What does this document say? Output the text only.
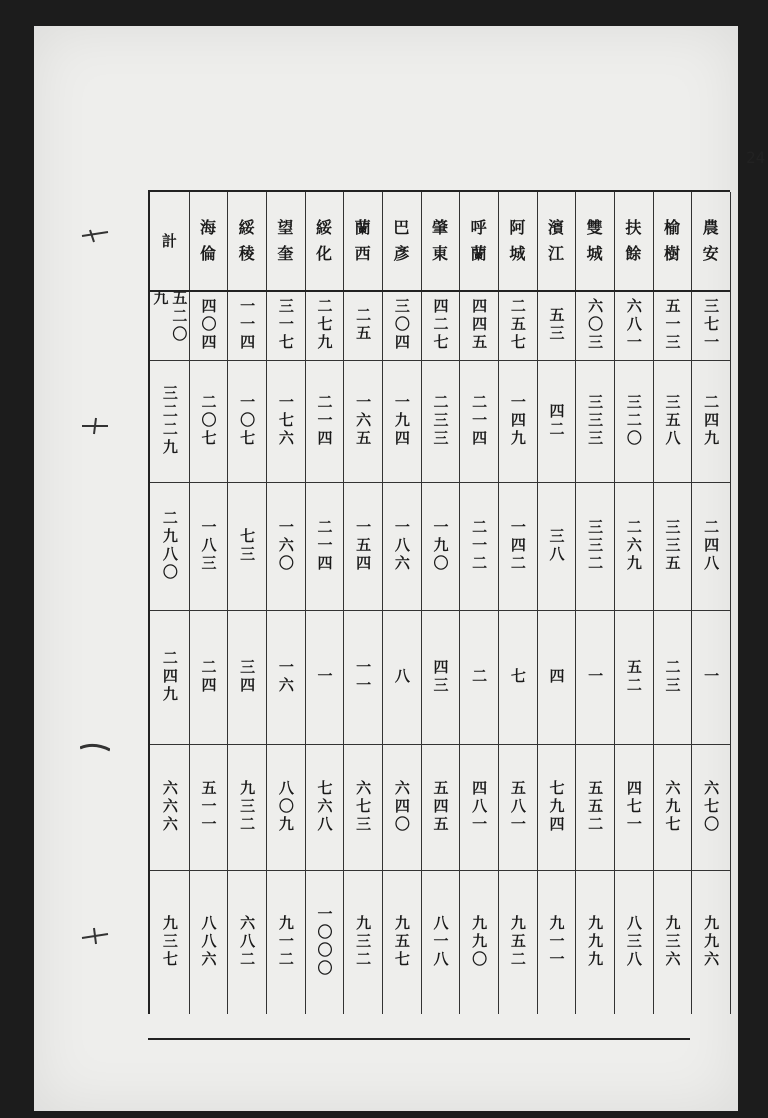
24
計
五二〇九
三二二九
二九八〇
二四九
六六六
九三七
海
倫
四〇四
二〇七
一八三
二四
五一一
八八六
綏
稜
一一四
一〇七
七三
三四
九三二
六八二
望
奎
三一七
一七六
一六〇
一六
八〇九
九一二
綏
化
二七九
二一四
二一四
一
七六八
一〇〇〇
蘭
西
二五
一六五
一五四
一一
六七三
九三二
巴
彥
三〇四
一九四
一八六
八
六四〇
九五七
肇
東
四二七
二三三
一九〇
四三
五四五
八一八
呼
蘭
四四五
二一四
二一二
二
四八一
九九〇
阿
城
二五七
一四九
一四二
七
五八一
九五二
濱
江
五三
四二
三八
四
七九四
九一一
雙
城
六〇三
三三三
三三二
一
五五二
九九九
扶
餘
六八一
三二〇
二六九
五二
四七一
八三八
榆
樹
五一三
三五八
三三五
二三
六九七
九三六
農
安
三七一
二四九
二四八
一
六七〇
九九六
